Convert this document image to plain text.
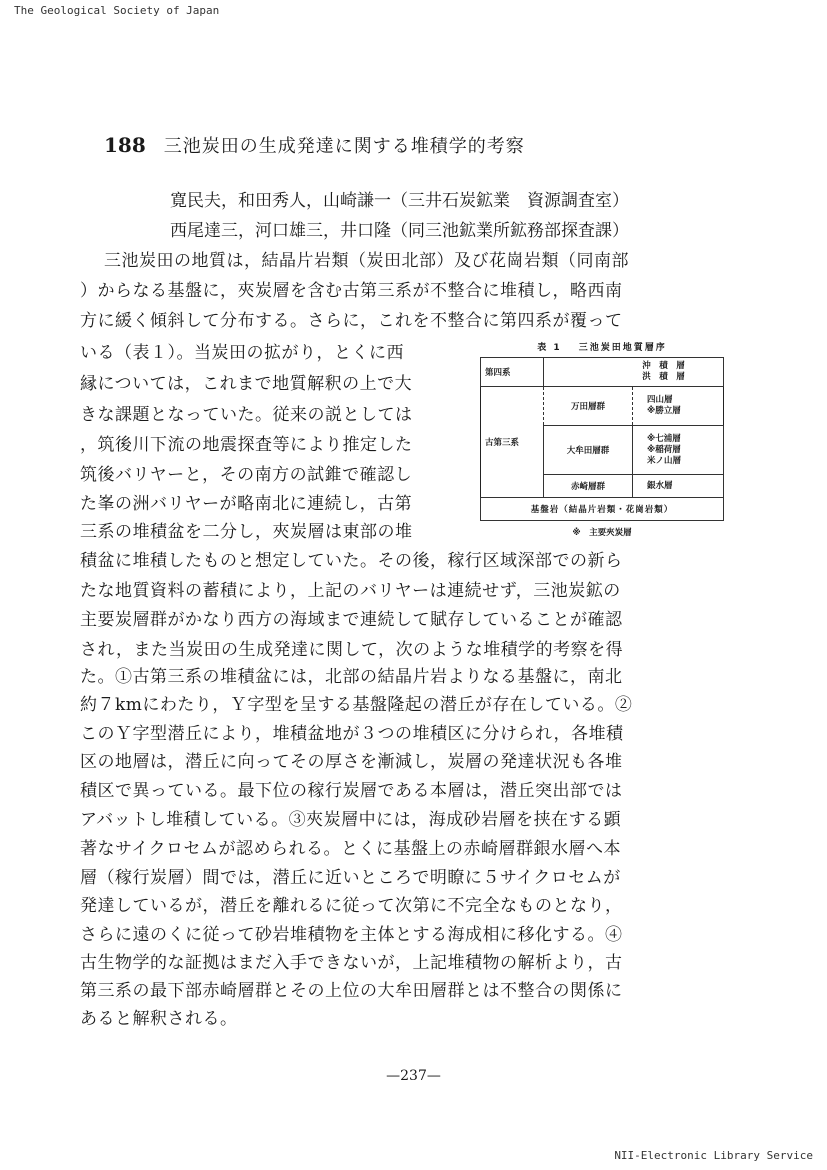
The Geological Society of Japan
188 三池炭田の生成発達に関する堆積学的考察
寛民夫，和田秀人，山崎謙一（三井石炭鉱業　資源調査室）
西尾達三，河口雄三，井口隆（同三池鉱業所鉱務部探査課）
三池炭田の地質は，結晶片岩類（炭田北部）及び花崗岩類（同南部
）からなる基盤に，夾炭層を含む古第三系が不整合に堆積し，略西南
方に緩く傾斜して分布する。さらに，これを不整合に第四系が覆って
いる（表１）。当炭田の拡がり，とくに西
縁については，これまで地質解釈の上で大
きな課題となっていた。従来の説としては
，筑後川下流の地震探査等により推定した
筑後バリヤーと，その南方の試錐で確認し
た峯の洲バリヤーが略南北に連続し，古第
三系の堆積盆を二分し，夾炭層は東部の堆
積盆に堆積したものと想定していた。その後，稼行区域深部での新ら
たな地質資料の蓄積により，上記のバリヤーは連続せず，三池炭鉱の
主要炭層群がかなり西方の海域まで連続して賦存していることが確認
され，また当炭田の生成発達に関して，次のような堆積学的考察を得
た。①古第三系の堆積盆には，北部の結晶片岩よりなる基盤に，南北
約７kmにわたり，Ｙ字型を呈する基盤隆起の潜丘が存在している。②
このＹ字型潜丘により，堆積盆地が３つの堆積区に分けられ，各堆積
区の地層は，潜丘に向ってその厚さを漸減し，炭層の発達状況も各堆
積区で異っている。最下位の稼行炭層である本層は，潜丘突出部では
アバットし堆積している。③夾炭層中には，海成砂岩層を挟在する顕
著なサイクロセムが認められる。とくに基盤上の赤崎層群銀水層へ本
層（稼行炭層）間では，潜丘に近いところで明瞭に５サイクロセムが
発達しているが，潜丘を離れるに従って次第に不完全なものとなり，
さらに遠のくに従って砂岩堆積物を主体とする海成相に移化する。④
古生物学的な証拠はまだ入手できないが，上記堆積物の解析より，古
第三系の最下部赤崎層群とその上位の大牟田層群とは不整合の関係に
あると解釈される。
表 1 三池炭田地質層序
第四系	沖　積　層
洪　積　層	

古第三系	万田層群	四山層
※勝立層

	大牟田層群	※七浦層
※稲荷層
米ノ山層

	赤崎層群	銀水層
基盤岩（結晶片岩類・花崗岩類）		
※　主要夾炭層
—237—
NII-Electronic Library Service
